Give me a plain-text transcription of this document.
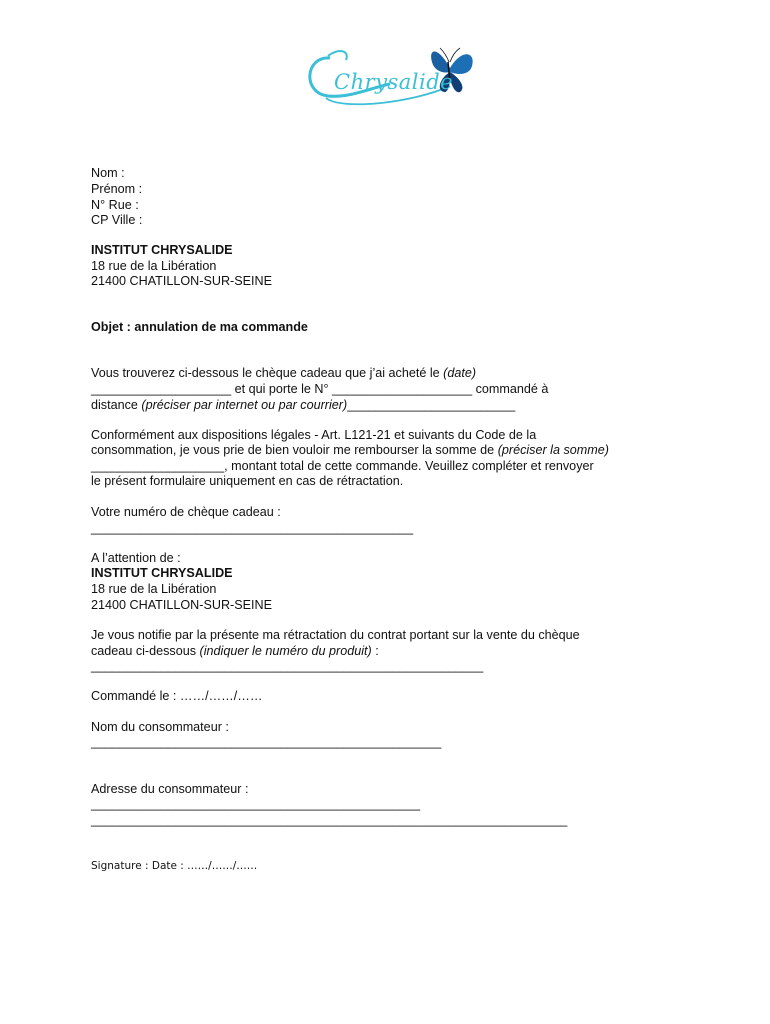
Chrysalide
Nom :
Prénom :
N° Rue :
CP Ville :
INSTITUT CHRYSALIDE
18 rue de la Libération
21400 CHATILLON-SUR-SEINE
Objet : annulation de ma commande
Vous trouverez ci-dessous le chèque cadeau que j’ai acheté le (date)
____________________ et qui porte le N° ____________________ commandé à
distance (préciser par internet ou par courrier)________________________
Conformément aux dispositions légales - Art. L121-21 et suivants du Code de la
consommation, je vous prie de bien vouloir me rembourser la somme de (préciser la somme)
___________________, montant total de cette commande. Veuillez compléter et renvoyer
le présent formulaire uniquement en cas de rétractation.
Votre numéro de chèque cadeau :
______________________________________________
A l’attention de :
INSTITUT CHRYSALIDE
18 rue de la Libération
21400 CHATILLON-SUR-SEINE
Je vous notifie par la présente ma rétractation du contrat portant sur la vente du chèque
cadeau ci-dessous (indiquer le numéro du produit) :
________________________________________________________
Commandé le : ……/……/……
Nom du consommateur :
__________________________________________________
Adresse du consommateur :
_______________________________________________
____________________________________________________________________
Signature : Date : ……/……/……
